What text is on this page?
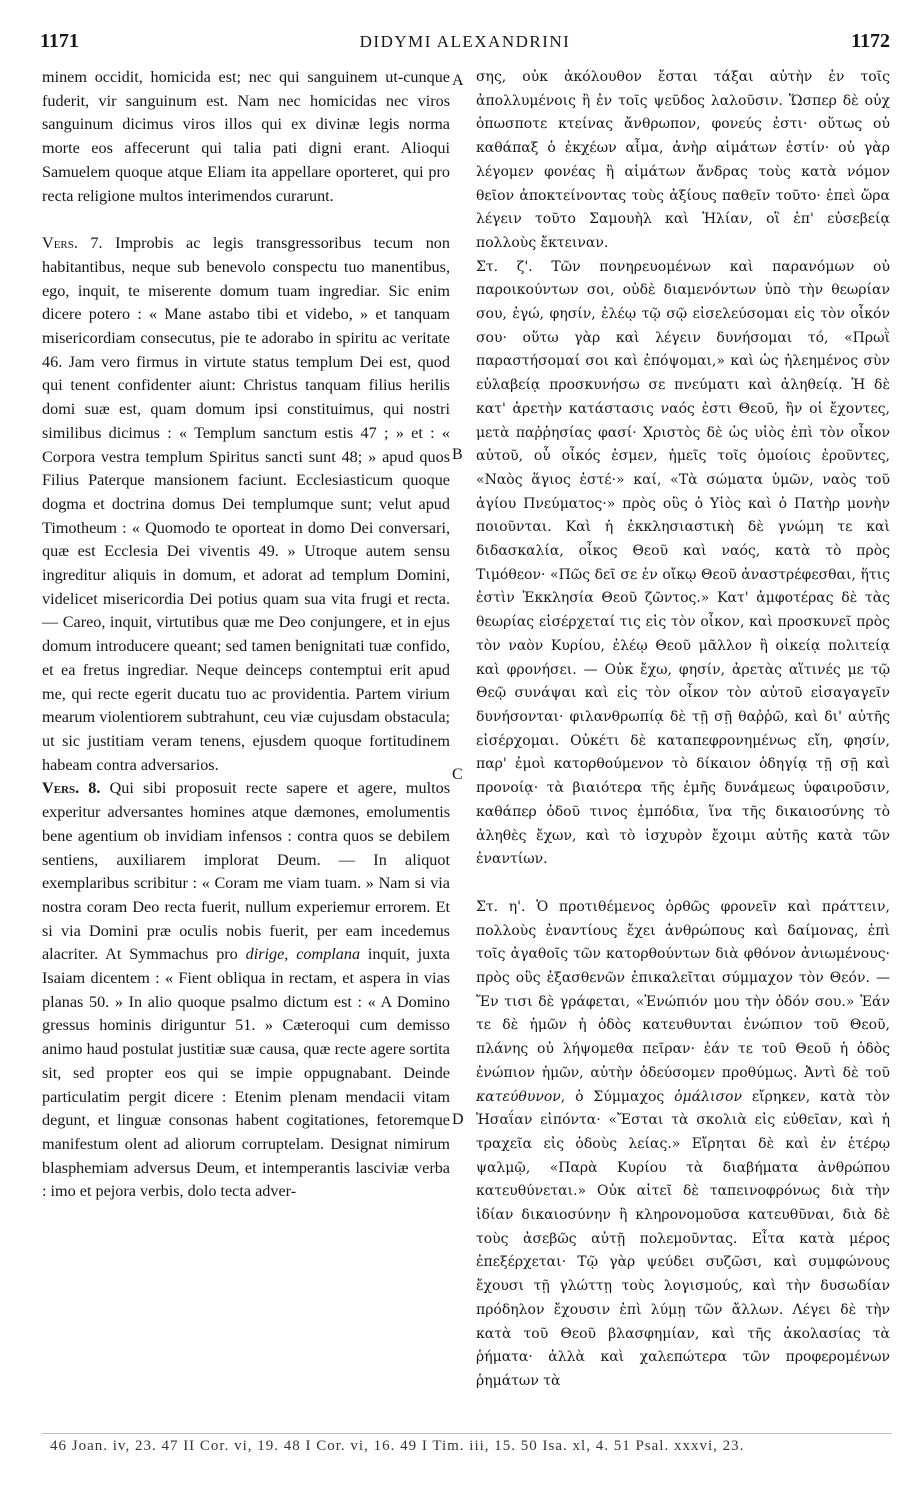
1171	DIDYMI ALEXANDRINI	1172

minem occidit, homicida est; nec qui sanguinem ut-cunque fuderit, vir sanguinum est. Nam nec homicidas nec viros sanguinum dicimus viros illos qui ex divinæ legis norma morte eos affecerunt qui talia pati digni erant. Alioqui Samuelem quoque atque Eliam ita appellare oporteret, qui pro recta religione multos interimendos curarunt.

Vers. 7. Improbis ac legis transgressoribus tecum non habitantibus, neque sub benevolo conspectu tuo manentibus, ego, inquit, te miserente domum tuam ingrediar. Sic enim dicere potero : « Mane astabo tibi et videbo, » et tanquam misericordiam consecutus, pie te adorabo in spiritu ac veritate 46. Jam vero firmus in virtute status templum Dei est, quod qui tenent confidenter aiunt: Christus tanquam filius herilis domi suæ est, quam domum ipsi constituimus, qui nostri similibus dicimus : « Templum sanctum estis 47 ; » et : « Corpora vestra templum Spiritus sancti sunt 48; » apud quos Filius Paterque mansionem faciunt. Ecclesiasticum quoque dogma et doctrina domus Dei templumque sunt; velut apud Timotheum : « Quomodo te oporteat in domo Dei conversari, quæ est Ecclesia Dei viventis 49. » Utroque autem sensu ingreditur aliquis in domum, et adorat ad templum Domini, videlicet misericordia Dei potius quam sua vita frugi et recta. — Careo, inquit, virtutibus quæ me Deo conjungere, et in ejus domum introducere queant; sed tamen benignitati tuæ confido, et ea fretus ingrediar. Neque deinceps contemptui erit apud me, qui recte egerit ducatu tuo ac providentia. Partem virium mearum violentiorem subtrahunt, ceu viæ cujusdam obstacula; ut sic justitiam veram tenens, ejusdem quoque fortitudinem habeam contra adversarios.

Vers. 8. Qui sibi proposuit recte sapere et agere, multos experitur adversantes homines atque dæmones, emolumentis bene agentium ob invidiam infensos : contra quos se debilem sentiens, auxiliarem implorat Deum. — In aliquot exemplaribus scribitur : « Coram me viam tuam. » Nam si via nostra coram Deo recta fuerit, nullum experiemur errorem. Et si via Domini præ oculis nobis fuerit, per eam incedemus alacriter. At Symmachus pro dirige, complana inquit, juxta Isaiam dicentem : « Fient obliqua in rectam, et aspera in vias planas 50. » In alio quoque psalmo dictum est : « A Domino gressus hominis diriguntur 51. » Cæteroqui cum demisso animo haud postulat justitiæ suæ causa, quæ recte agere sortita sit, sed propter eos qui se impie oppugnabant. Deinde particulatim pergit dicere : Etenim plenam mendacii vitam degunt, et linguæ consonas habent cogitationes, fetoremque manifestum olent ad aliorum corruptelam. Designat nimirum blasphemiam adversus Deum, et intemperantis lasciviæ verba : imo et pejora verbis, dolo tecta adver-

A
B
C
D

σης, οὐκ ἀκόλουθον ἔσται τάξαι αὐτὴν ἐν τοῖς ἀπολλυμένοις ἢ ἐν τοῖς ψεῦδος λαλοῦσιν. Ὥσπερ δὲ οὐχ ὁπωσποτε κτείνας ἄνθρωπον, φονεύς ἐστι· οὕτως οὐ καθάπαξ ὁ ἐκχέων αἷμα, ἀνὴρ αἱμάτων ἐστίν· οὐ γὰρ λέγομεν φονέας ἢ αἱμάτων ἄνδρας τοὺς κατὰ νόμον θεῖον ἀποκτείνοντας τοὺς ἀξίους παθεῖν τοῦτο· ἐπεὶ ὥρα λέγειν τοῦτο Σαμουὴλ καὶ Ἠλίαν, οἳ ἐπ' εὐσεβείᾳ πολλοὺς ἔκτειναν.

Στ. ζ'. Τῶν πονηρευομένων καὶ παρανόμων οὐ παροικούντων σοι, οὐδὲ διαμενόντων ὑπὸ τὴν θεωρίαν σου, ἐγώ, φησίν, ἐλέῳ τῷ σῷ εἰσελεύσομαι εἰς τὸν οἶκόν σου· οὕτω γὰρ καὶ λέγειν δυνήσομαι τό, «Πρωῒ παραστήσομαί σοι καὶ ἐπόψομαι,» καὶ ὡς ἠλεημένος σὺν εὐλαβείᾳ προσκυνήσω σε πνεύματι καὶ ἀληθείᾳ. Ἡ δὲ κατ' ἀρετὴν κατάστασις ναός ἐστι Θεοῦ, ἣν οἱ ἔχοντες, μετὰ παῤῥησίας φασί· Χριστὸς δὲ ὡς υἱὸς ἐπὶ τὸν οἶκον αὐτοῦ, οὗ οἶκός ἐσμεν, ἡμεῖς τοῖς ὁμοίοις ἐροῦντες, «Ναὸς ἅγιος ἐστέ·» καί, «Τὰ σώματα ὑμῶν, ναὸς τοῦ ἁγίου Πνεύματος·» πρὸς οὓς ὁ Υἱὸς καὶ ὁ Πατὴρ μονὴν ποιοῦνται. Καὶ ἡ ἐκκλησιαστικὴ δὲ γνώμη τε καὶ διδασκαλία, οἶκος Θεοῦ καὶ ναός, κατὰ τὸ πρὸς Τιμόθεον· «Πῶς δεῖ σε ἐν οἴκῳ Θεοῦ ἀναστρέφεσθαι, ἥτις ἐστὶν Ἐκκλησία Θεοῦ ζῶντος.» Κατ' ἀμφοτέρας δὲ τὰς θεωρίας εἰσέρχεταί τις εἰς τὸν οἶκον, καὶ προσκυνεῖ πρὸς τὸν ναὸν Κυρίου, ἐλέῳ Θεοῦ μᾶλλον ἢ οἰκείᾳ πολιτείᾳ καὶ φρονήσει. — Οὐκ ἔχω, φησίν, ἀρετὰς αἵτινές με τῷ Θεῷ συνάψαι καὶ εἰς τὸν οἶκον τὸν αὐτοῦ εἰσαγαγεῖν δυνήσονται· φιλανθρωπίᾳ δὲ τῇ σῇ θαῤῥῶ, καὶ δι' αὐτῆς εἰσέρχομαι. Οὐκέτι δὲ καταπεφρονημένως εἴη, φησίν, παρ' ἐμοὶ κατορθούμενον τὸ δίκαιον ὁδηγίᾳ τῇ σῇ καὶ προνοίᾳ· τὰ βιαιότερα τῆς ἐμῆς δυνάμεως ὑφαιροῦσιν, καθάπερ ὁδοῦ τινος ἐμπόδια, ἵνα τῆς δικαιοσύνης τὸ ἀληθὲς ἔχων, καὶ τὸ ἰσχυρὸν ἔχοιμι αὐτῆς κατὰ τῶν ἐναντίων.

Στ. η'. Ὁ προτιθέμενος ὀρθῶς φρονεῖν καὶ πράττειν, πολλοὺς ἐναντίους ἔχει ἀνθρώπους καὶ δαίμονας, ἐπὶ τοῖς ἀγαθοῖς τῶν κατορθούντων διὰ φθόνον ἀνιωμένους· πρὸς οὓς ἐξασθενῶν ἐπικαλεῖται σύμμαχον τὸν Θεόν. — Ἔν τισι δὲ γράφεται, «Ἐνώπιόν μου τὴν ὁδόν σου.» Ἐάν τε δὲ ἡμῶν ἡ ὁδὸς κατευθυνται ἐνώπιον τοῦ Θεοῦ, πλάνης οὐ λήψομεθα πεῖραν· ἐάν τε τοῦ Θεοῦ ἡ ὁδὸς ἐνώπιον ἡμῶν, αὐτὴν ὁδεύσομεν προθύμως. Ἀντὶ δὲ τοῦ κατεύθυνον, ὁ Σύμμαχος ὁμάλισον εἴρηκεν, κατὰ τὸν Ἡσαΐαν εἰπόντα· «Ἔσται τὰ σκολιὰ εἰς εὐθεῖαν, καὶ ἡ τραχεῖα εἰς ὁδοὺς λείας.» Εἴρηται δὲ καὶ ἐν ἑτέρῳ ψαλμῷ, «Παρὰ Κυρίου τὰ διαβήματα ἀνθρώπου κατευθύνεται.» Οὐκ αἰτεῖ δὲ ταπεινοφρόνως διὰ τὴν ἰδίαν δικαιοσύνην ἢ κληρονομοῦσα κατευθῦναι, διὰ δὲ τοὺς ἀσεβῶς αὐτῇ πολεμοῦντας. Εἶτα κατὰ μέρος ἐπεξέρχεται· Τῷ γὰρ ψεύδει συζῶσι, καὶ συμφώνους ἔχουσι τῇ γλώττῃ τοὺς λογισμούς, καὶ τὴν δυσωδίαν πρόδηλον ἔχουσιν ἐπὶ λύμῃ τῶν ἄλλων. Λέγει δὲ τὴν κατὰ τοῦ Θεοῦ βλασφημίαν, καὶ τῆς ἀκολασίας τὰ ῥήματα· ἀλλὰ καὶ χαλεπώτερα τῶν προφερομένων ῥημάτων τὰ

46 Joan. iv, 23. 47 II Cor. vi, 19. 48 I Cor. vi, 16. 49 I Tim. iii, 15. 50 Isa. xl, 4. 51 Psal. xxxvi, 23.
